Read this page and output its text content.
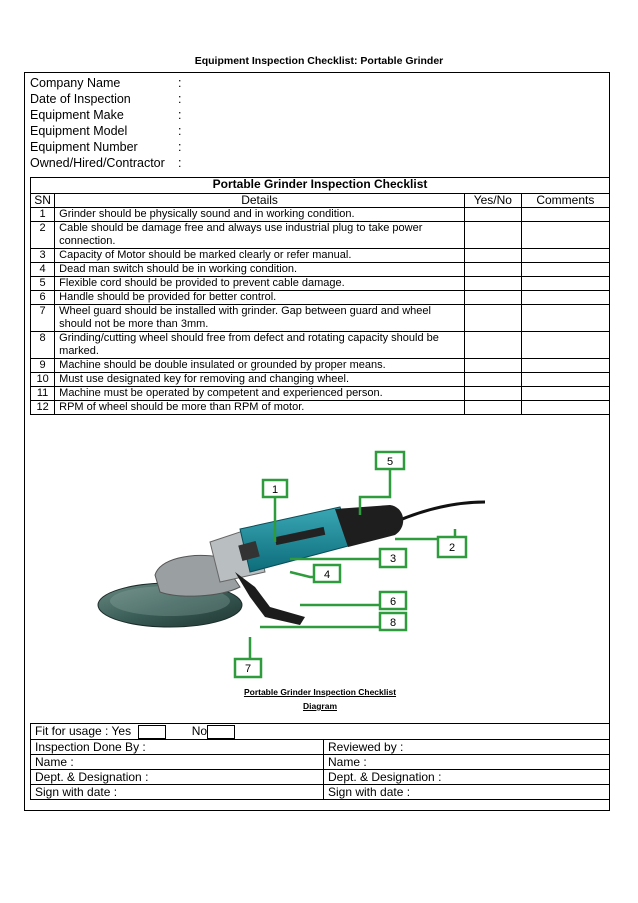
Equipment Inspection Checklist: Portable Grinder
Company Name	:
Date of Inspection	:
Equipment Make	:
Equipment Model	:
Equipment Number	:
Owned/Hired/Contractor	:
Portable Grinder Inspection Checklist			
SN	Details	Yes/No	Comments
1	Grinder should be physically sound and in working condition.		
2	Cable should be damage free and always use industrial plug to take power connection.		
3	Capacity of Motor should be marked clearly or refer manual.		
4	Dead man switch should be in working condition.		
5	Flexible cord should be provided to prevent cable damage.		
6	Handle should be provided for better control.		
7	Wheel guard should be installed with grinder. Gap between guard and wheel should not be more than 3mm.		
8	Grinding/cutting wheel should free from defect and rotating capacity should be marked.		
9	Machine should be double insulated or grounded by proper means.		
10	Must use designated key for removing and changing wheel.		
11	Machine must be operated by competent and experienced person.		
12	RPM of wheel should be more than RPM of motor.		
1
5
2
3
4
6
8
7
Portable Grinder Inspection Checklist
Diagram
Fit for usage : Yes No	
Inspection Done By :	Reviewed by :
Name :	Name :
Dept. & Designation :	Dept. & Designation :
Sign with date :	Sign with date :
